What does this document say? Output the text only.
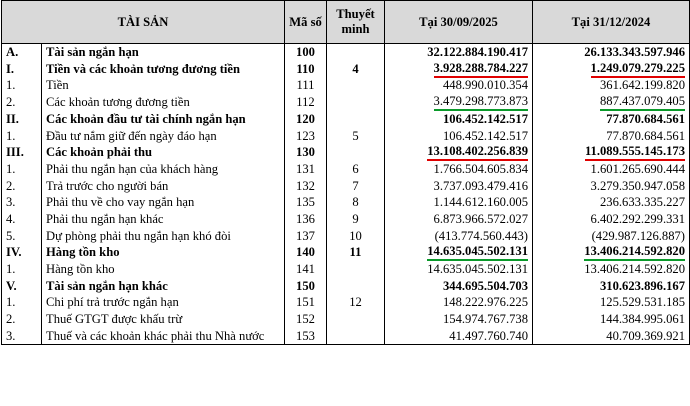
TÀI SẢN		Mã số	Thuyết minh	Tại 30/09/2025	Tại 31/12/2024
A.	Tài sản ngắn hạn	100		32.122.884.190.417	26.133.343.597.946
I.	Tiền và các khoản tương đương tiền	110	4	3.928.288.784.227	1.249.079.279.225
1.	Tiền	111		448.990.010.354	361.642.199.820
2.	Các khoản tương đương tiền	112		3.479.298.773.873	887.437.079.405
II.	Các khoản đầu tư tài chính ngắn hạn	120		106.452.142.517	77.870.684.561
1.	Đầu tư nắm giữ đến ngày đáo hạn	123	5	106.452.142.517	77.870.684.561
III.	Các khoản phải thu	130		13.108.402.256.839	11.089.555.145.173
1.	Phải thu ngắn hạn của khách hàng	131	6	1.766.504.605.834	1.601.265.690.444
2.	Trả trước cho người bán	132	7	3.737.093.479.416	3.279.350.947.058
3.	Phải thu về cho vay ngắn hạn	135	8	1.144.612.160.005	236.633.335.227
4.	Phải thu ngắn hạn khác	136	9	6.873.966.572.027	6.402.292.299.331
5.	Dự phòng phải thu ngắn hạn khó đòi	137	10	(413.774.560.443)	(429.987.126.887)
IV.	Hàng tồn kho	140	11	14.635.045.502.131	13.406.214.592.820
1.	Hàng tồn kho	141		14.635.045.502.131	13.406.214.592.820
V.	Tài sản ngắn hạn khác	150		344.695.504.703	310.623.896.167
1.	Chi phí trả trước ngắn hạn	151	12	148.222.976.225	125.529.531.185
2.	Thuế GTGT được khấu trừ	152		154.974.767.738	144.384.995.061
3.	Thuế và các khoản khác phải thu Nhà nước	153		41.497.760.740	40.709.369.921
